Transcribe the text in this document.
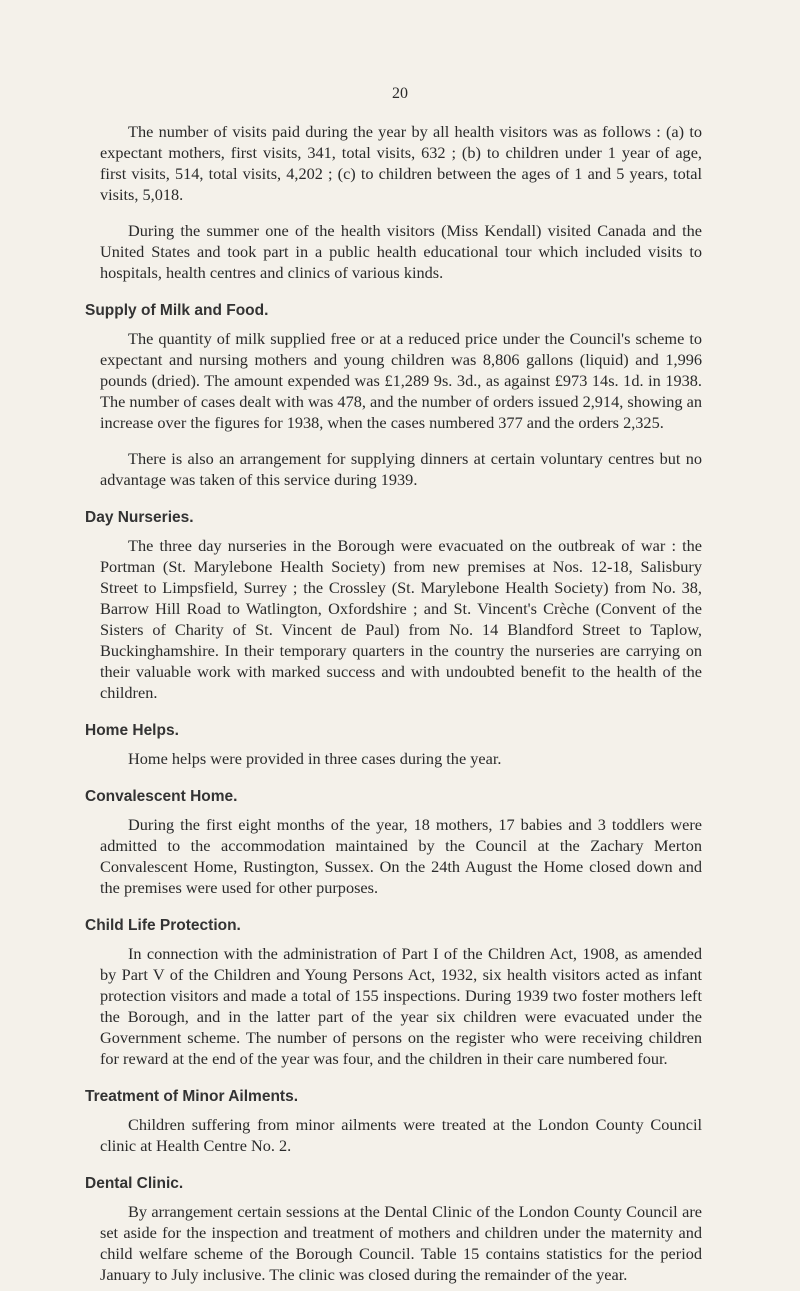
20

The number of visits paid during the year by all health visitors was as follows : (a) to expectant mothers, first visits, 341, total visits, 632 ; (b) to children under 1 year of age, first visits, 514, total visits, 4,202 ; (c) to children between the ages of 1 and 5 years, total visits, 5,018.

During the summer one of the health visitors (Miss Kendall) visited Canada and the United States and took part in a public health educational tour which included visits to hospitals, health centres and clinics of various kinds.

Supply of Milk and Food.

The quantity of milk supplied free or at a reduced price under the Council's scheme to expectant and nursing mothers and young children was 8,806 gallons (liquid) and 1,996 pounds (dried). The amount expended was £1,289 9s. 3d., as against £973 14s. 1d. in 1938. The number of cases dealt with was 478, and the number of orders issued 2,914, showing an increase over the figures for 1938, when the cases numbered 377 and the orders 2,325.

There is also an arrangement for supplying dinners at certain voluntary centres but no advantage was taken of this service during 1939.

Day Nurseries.

The three day nurseries in the Borough were evacuated on the outbreak of war : the Portman (St. Marylebone Health Society) from new premises at Nos. 12-18, Salisbury Street to Limpsfield, Surrey ; the Crossley (St. Marylebone Health Society) from No. 38, Barrow Hill Road to Watlington, Oxfordshire ; and St. Vincent's Crèche (Convent of the Sisters of Charity of St. Vincent de Paul) from No. 14 Blandford Street to Taplow, Buckinghamshire. In their temporary quarters in the country the nurseries are carrying on their valuable work with marked success and with undoubted benefit to the health of the children.

Home Helps.

Home helps were provided in three cases during the year.

Convalescent Home.

During the first eight months of the year, 18 mothers, 17 babies and 3 toddlers were admitted to the accommodation maintained by the Council at the Zachary Merton Convalescent Home, Rustington, Sussex. On the 24th August the Home closed down and the premises were used for other purposes.

Child Life Protection.

In connection with the administration of Part I of the Children Act, 1908, as amended by Part V of the Children and Young Persons Act, 1932, six health visitors acted as infant protection visitors and made a total of 155 inspections. During 1939 two foster mothers left the Borough, and in the latter part of the year six children were evacuated under the Government scheme. The number of persons on the register who were receiving children for reward at the end of the year was four, and the children in their care numbered four.

Treatment of Minor Ailments.

Children suffering from minor ailments were treated at the London County Council clinic at Health Centre No. 2.

Dental Clinic.

By arrangement certain sessions at the Dental Clinic of the London County Council are set aside for the inspection and treatment of mothers and children under the maternity and child welfare scheme of the Borough Council. Table 15 contains statistics for the period January to July inclusive. The clinic was closed during the remainder of the year.
